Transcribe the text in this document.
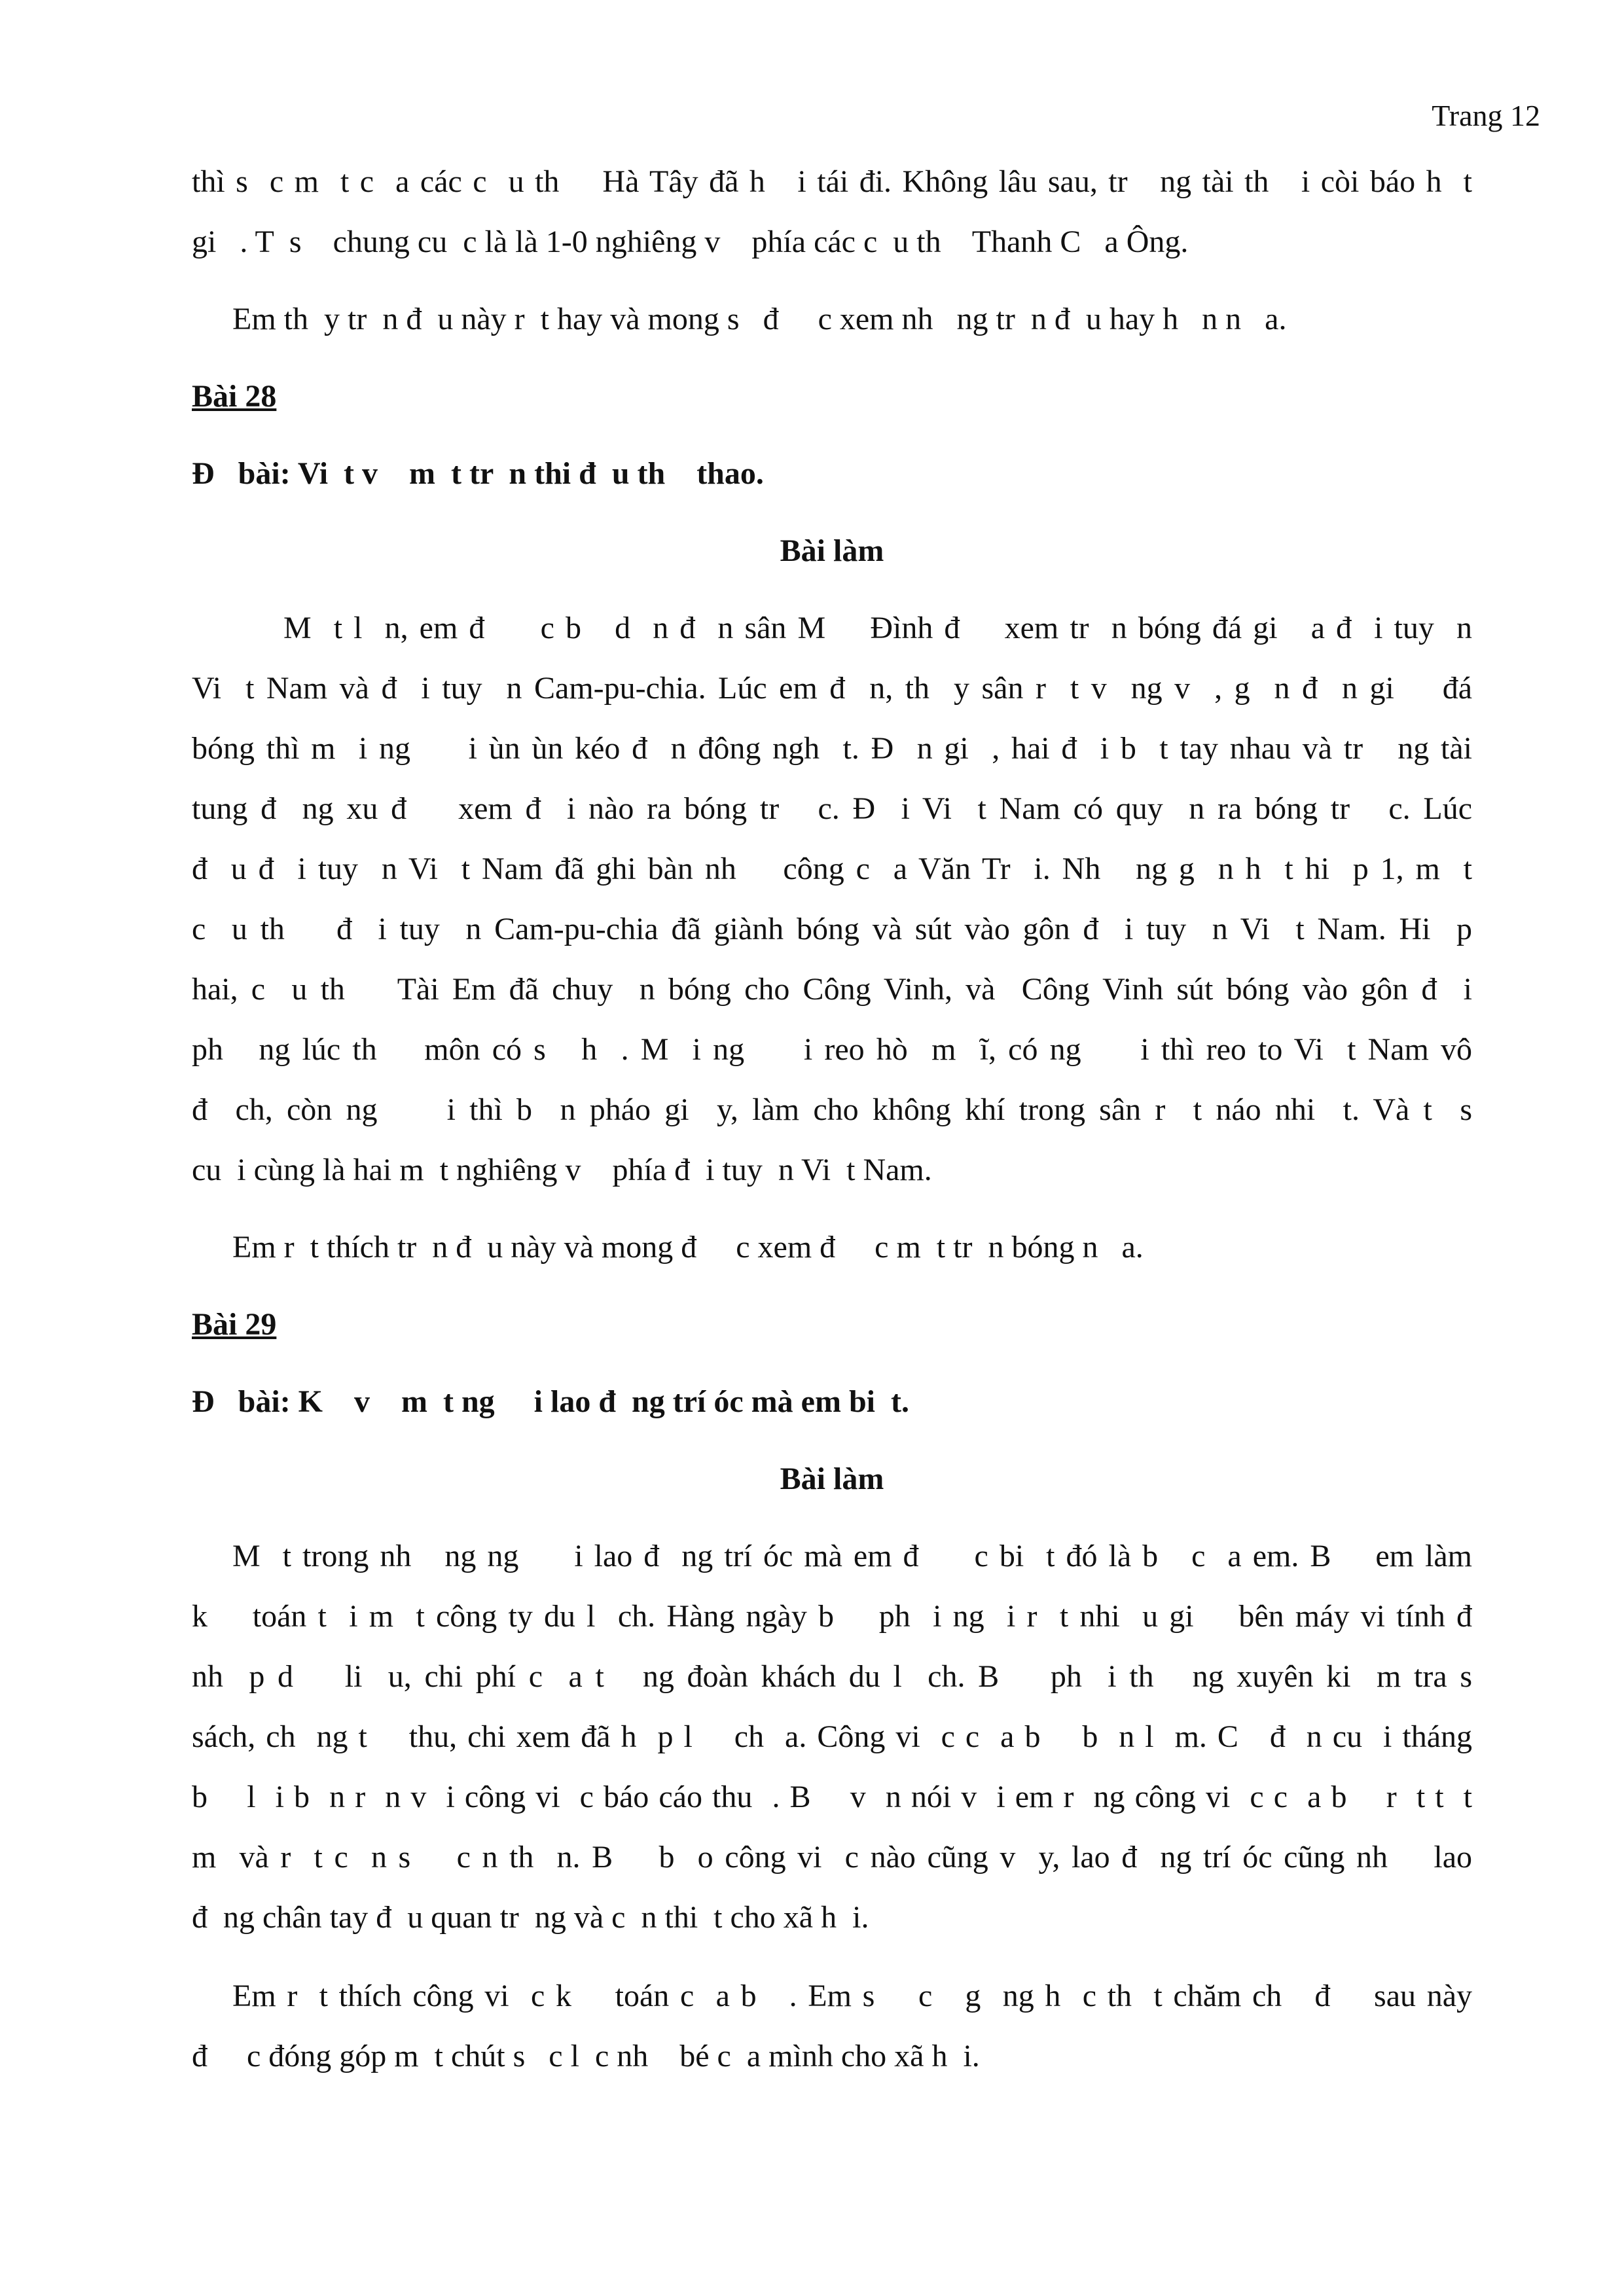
Trang 12
thì s  c m  t c  a các c  u th    Hà Tây đã h   i tái đi. Không lâu sau, tr   ng tài th   i còi báo h  t
gi   . T  s    chung cu  c là là 1-0 nghiêng v    phía các c  u th    Thanh C   a Ông.
Em th  y tr  n đ  u này r  t hay và mong s   đ     c xem nh   ng tr  n đ  u hay h   n n   a.
Bài 28
Đ   bài: Vi  t v    m  t tr  n thi đ  u th    thao.
Bài làm
M  t l  n, em đ     c b   d  n đ  n sân M    Đình đ    xem tr  n bóng đá gi   a đ  i tuy  n
Vi  t Nam và đ  i tuy  n Cam-pu-chia. Lúc em đ  n, th  y sân r  t v  ng v  , g  n đ  n gi    đá
bóng thì m  i ng     i ùn ùn kéo đ  n đông ngh  t. Đ  n gi  , hai đ  i b  t tay nhau và tr   ng tài
tung đ  ng xu đ    xem đ  i nào ra bóng tr   c. Đ  i Vi  t Nam có quy  n ra bóng tr   c. Lúc
đ  u đ  i tuy  n Vi  t Nam đã ghi bàn nh    công c  a Văn Tr  i. Nh   ng g  n h  t hi  p 1, m  t
c  u th    đ  i tuy  n Cam-pu-chia đã giành bóng và sút vào gôn đ  i tuy  n Vi  t Nam. Hi  p
hai, c  u th    Tài Em đã chuy  n bóng cho Công Vinh, và  Công Vinh sút bóng vào gôn đ  i
ph   ng lúc th    môn có s   h  . M  i ng     i reo hò  m  ĩ, có ng     i thì reo to Vi  t Nam vô
đ  ch, còn ng     i thì b  n pháo gi  y, làm cho không khí trong sân r  t náo nhi  t. Và t  s
cu  i cùng là hai m  t nghiêng v    phía đ  i tuy  n Vi  t Nam.
Em r  t thích tr  n đ  u này và mong đ     c xem đ     c m  t tr  n bóng n   a.
Bài 29
Đ   bài: K    v    m  t ng     i lao đ  ng trí óc mà em bi  t.
Bài làm
M  t trong nh   ng ng     i lao đ  ng trí óc mà em đ     c bi  t đó là b   c  a em. B    em làm
k    toán t  i m  t công ty du l  ch. Hàng ngày b    ph  i ng  i r  t nhi  u gi    bên máy vi tính đ
nh  p d    li  u, chi phí c  a t   ng đoàn khách du l  ch. B    ph  i th   ng xuyên ki  m tra s
sách, ch  ng t    thu, chi xem đã h  p l    ch  a. Công vi  c c  a b    b  n l  m. C   đ  n cu  i tháng
b    l  i b  n r  n v  i công vi  c báo cáo thu  . B    v  n nói v  i em r  ng công vi  c c  a b    r  t t  t
m  và r  t c  n s    c n th  n. B    b  o công vi  c nào cũng v  y, lao đ  ng trí óc cũng nh    lao
đ  ng chân tay đ  u quan tr  ng và c  n thi  t cho xã h  i.
Em r  t thích công vi  c k    toán c  a b   . Em s    c   g  ng h  c th  t chăm ch   đ    sau này
đ     c đóng góp m  t chút s   c l  c nh    bé c  a mình cho xã h  i.
